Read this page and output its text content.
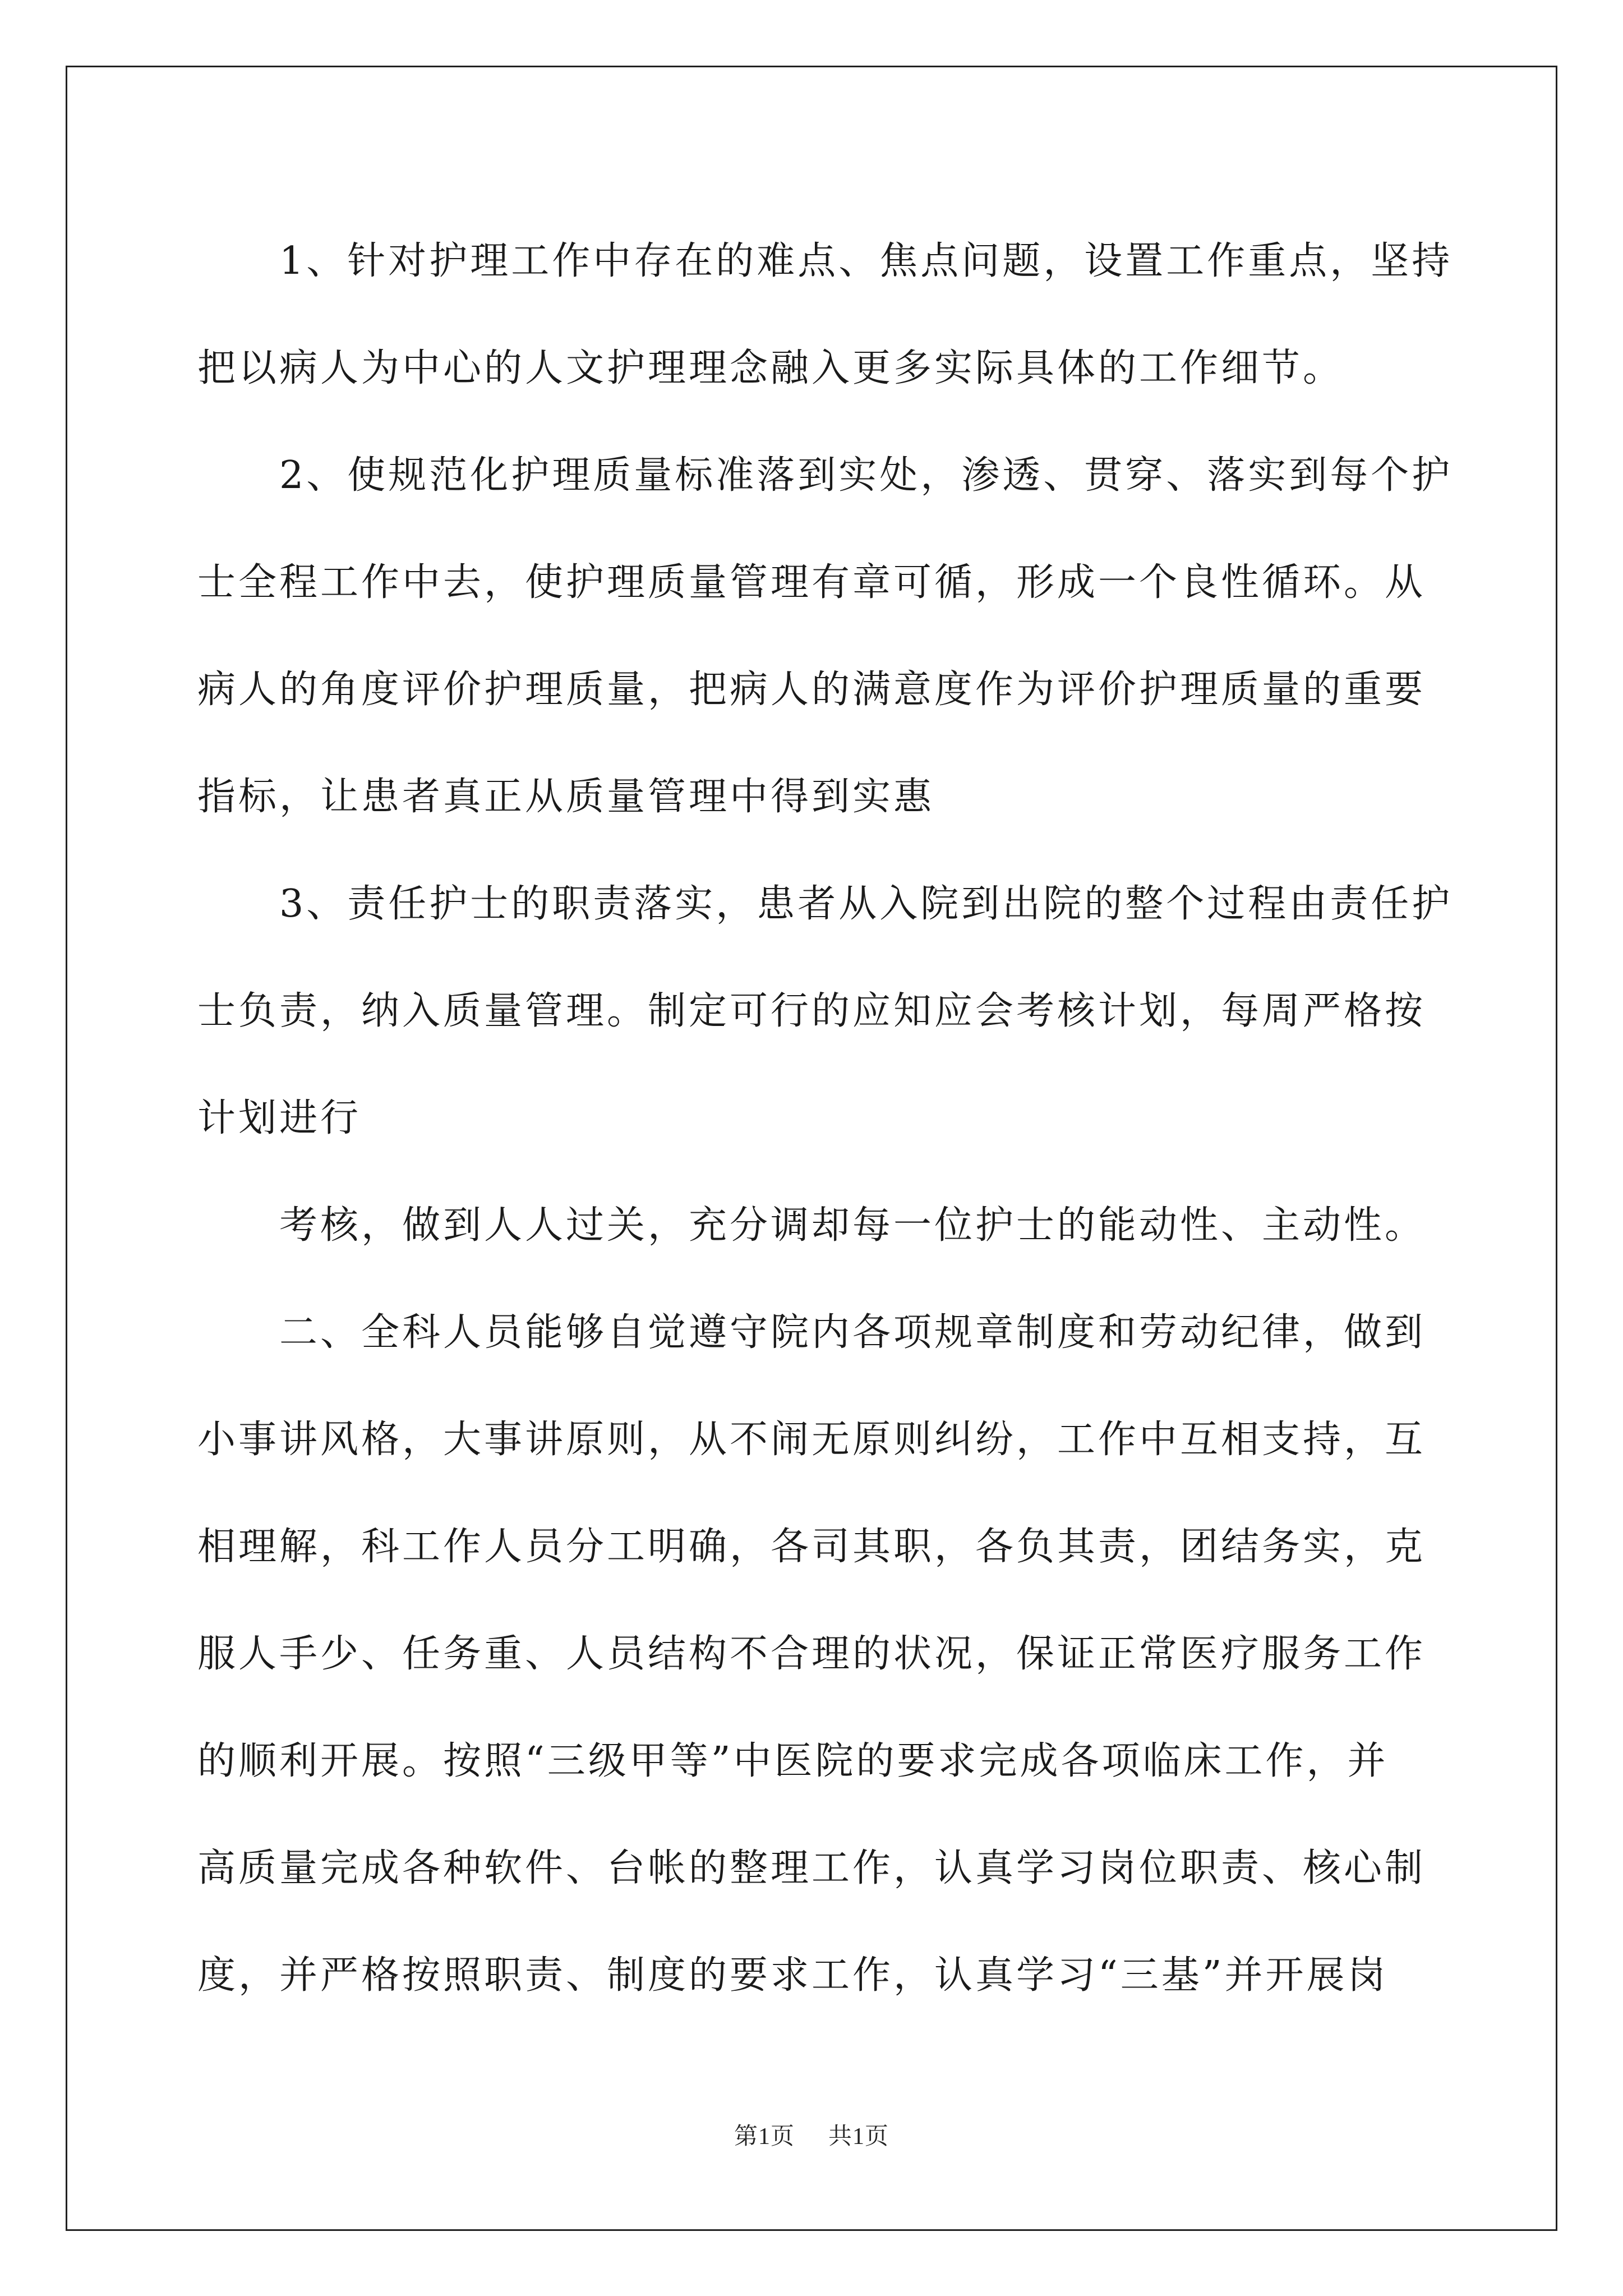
1、针对护理工作中存在的难点、焦点问题，设置工作重点，坚持
把以病人为中心的人文护理理念融入更多实际具体的工作细节。
2、使规范化护理质量标准落到实处，渗透、贯穿、落实到每个护
士全程工作中去，使护理质量管理有章可循，形成一个良性循环。从
病人的角度评价护理质量，把病人的满意度作为评价护理质量的重要
指标，让患者真正从质量管理中得到实惠
3、责任护士的职责落实，患者从入院到出院的整个过程由责任护
士负责，纳入质量管理。制定可行的应知应会考核计划，每周严格按
计划进行
考核，做到人人过关，充分调却每一位护士的能动性、主动性。
二、全科人员能够自觉遵守院内各项规章制度和劳动纪律，做到
小事讲风格，大事讲原则，从不闹无原则纠纷，工作中互相支持，互
相理解，科工作人员分工明确，各司其职，各负其责，团结务实，克
服人手少、任务重、人员结构不合理的状况，保证正常医疗服务工作
的顺利开展。按照“三级甲等”中医院的要求完成各项临床工作，并
高质量完成各种软件、台帐的整理工作，认真学习岗位职责、核心制
度，并严格按照职责、制度的要求工作，认真学习“三基”并开展岗
第1页 共1页
